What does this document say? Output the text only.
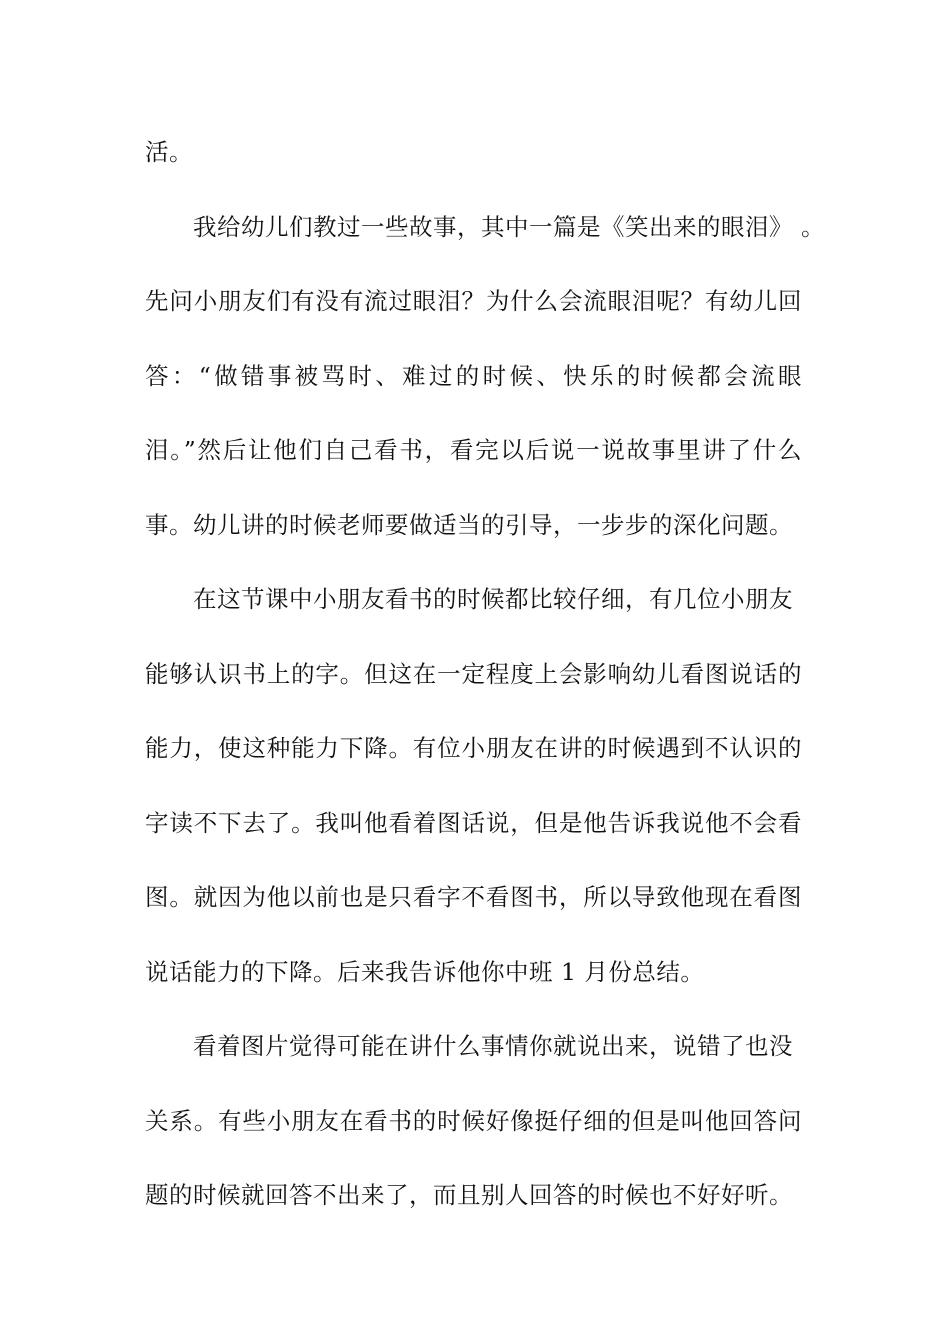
活。
我给幼儿们教过一些故事，其中一篇是《笑出来的眼泪》 。
先问小朋友们有没有流过眼泪？为什么会流眼泪呢？有幼儿回
答：“做错事被骂时、难过的时候、快乐的时候都会流眼
泪。”然后让他们自己看书，看完以后说一说故事里讲了什么
事。幼儿讲的时候老师要做适当的引导，一步步的深化问题。
在这节课中小朋友看书的时候都比较仔细，有几位小朋友
能够认识书上的字。但这在一定程度上会影响幼儿看图说话的
能力，使这种能力下降。有位小朋友在讲的时候遇到不认识的
字读不下去了。我叫他看着图话说，但是他告诉我说他不会看
图。就因为他以前也是只看字不看图书，所以导致他现在看图
说话能力的下降。后来我告诉他你中班 1 月份总结。
看着图片觉得可能在讲什么事情你就说出来，说错了也没
关系。有些小朋友在看书的时候好像挺仔细的但是叫他回答问
题的时候就回答不出来了，而且别人回答的时候也不好好听。
